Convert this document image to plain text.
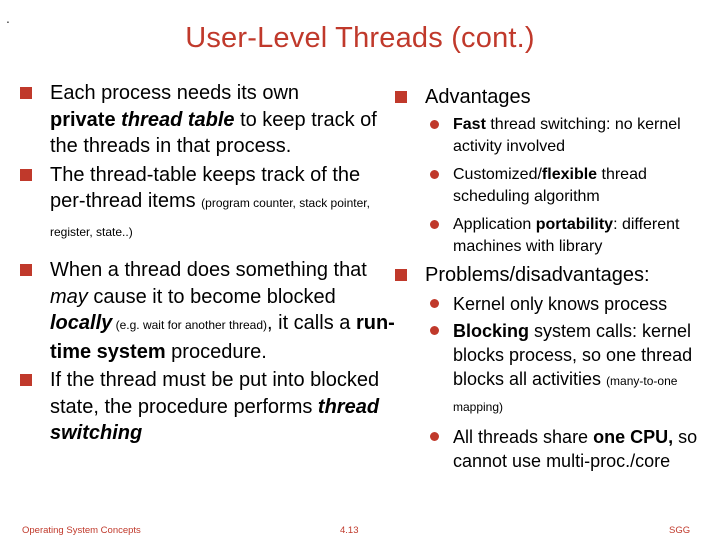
.
User-Level Threads (cont.)
Each process needs its own
private thread table to keep track of the threads in that process.
The thread-table keeps track of the per-thread items (program counter, stack pointer, register, state..)
When a thread does something that may cause it to become blocked locally (e.g. wait for another thread), it calls a run-time system procedure.
If the thread must be put into blocked state, the procedure performs thread switching
Advantages
Fast thread switching: no kernel activity involved
Customized/flexible thread scheduling algorithm
Application portability: different machines with library
Problems/disadvantages:
Kernel only knows process
Blocking system calls: kernel blocks process, so one thread blocks all activities (many-to-one mapping)
All threads share one CPU, so cannot use multi-proc./core
Operating System Concepts	4.13	SGG
